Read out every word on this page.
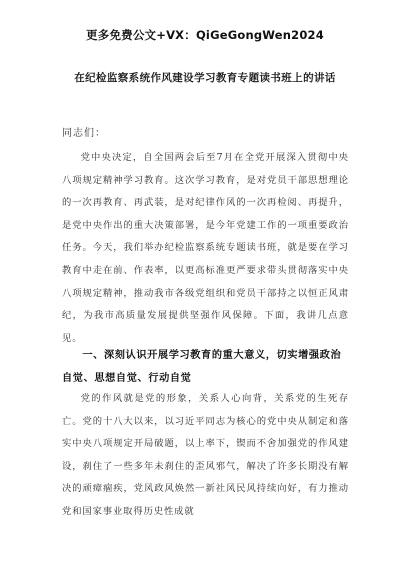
更多免费公文+VX：QiGeGongWen2024
在纪检监察系统作风建设学习教育专题读书班上的讲话
同志们：

党中央决定，自全国两会后至7月在全党开展深入贯彻中央八项规定精神学习教育。这次学习教育，是对党员干部思想理论的一次再教育、再武装，是对纪律作风的一次再检阅、再提升，是党中央作出的重大决策部署，是今年党建工作的一项重要政治任务。今天，我们举办纪检监察系统专题读书班，就是要在学习教育中走在前、作表率，以更高标准更严要求带头贯彻落实中央八项规定精神，推动我市各级党组织和党员干部持之以恒正风肃纪，为我市高质量发展提供坚强作风保障。下面，我讲几点意见。

一、深刻认识开展学习教育的重大意义，切实增强政治自觉、思想自觉、行动自觉

党的作风就是党的形象，关系人心向背，关系党的生死存亡。党的十八大以来，以习近平同志为核心的党中央从制定和落实中央八项规定开局破题，以上率下，锲而不舍加强党的作风建设，刹住了一些多年未刹住的歪风邪气，解决了许多长期没有解决的顽瘴痼疾，党风政风焕然一新社风民风持续向好，有力推动党和国家事业取得历史性成就
